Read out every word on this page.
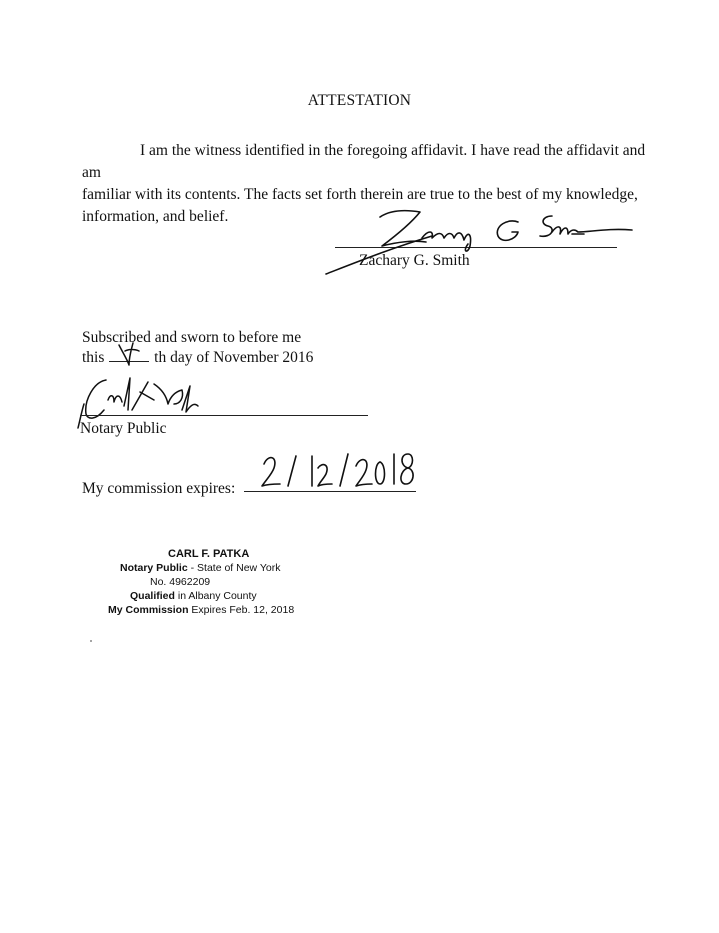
ATTESTATION

I am the witness identified in the foregoing affidavit. I have read the affidavit and am
familiar with its contents. The facts set forth therein are true to the best of my knowledge,
information, and belief.

Zachary G. Smith
Subscribed and sworn to before me
this	th day of November 2016
Notary Public
My commission expires:
CARL F. PATKA
Notary Public - State of New York
No. 4962209
Qualified in Albany County
My Commission Expires Feb. 12, 2018
